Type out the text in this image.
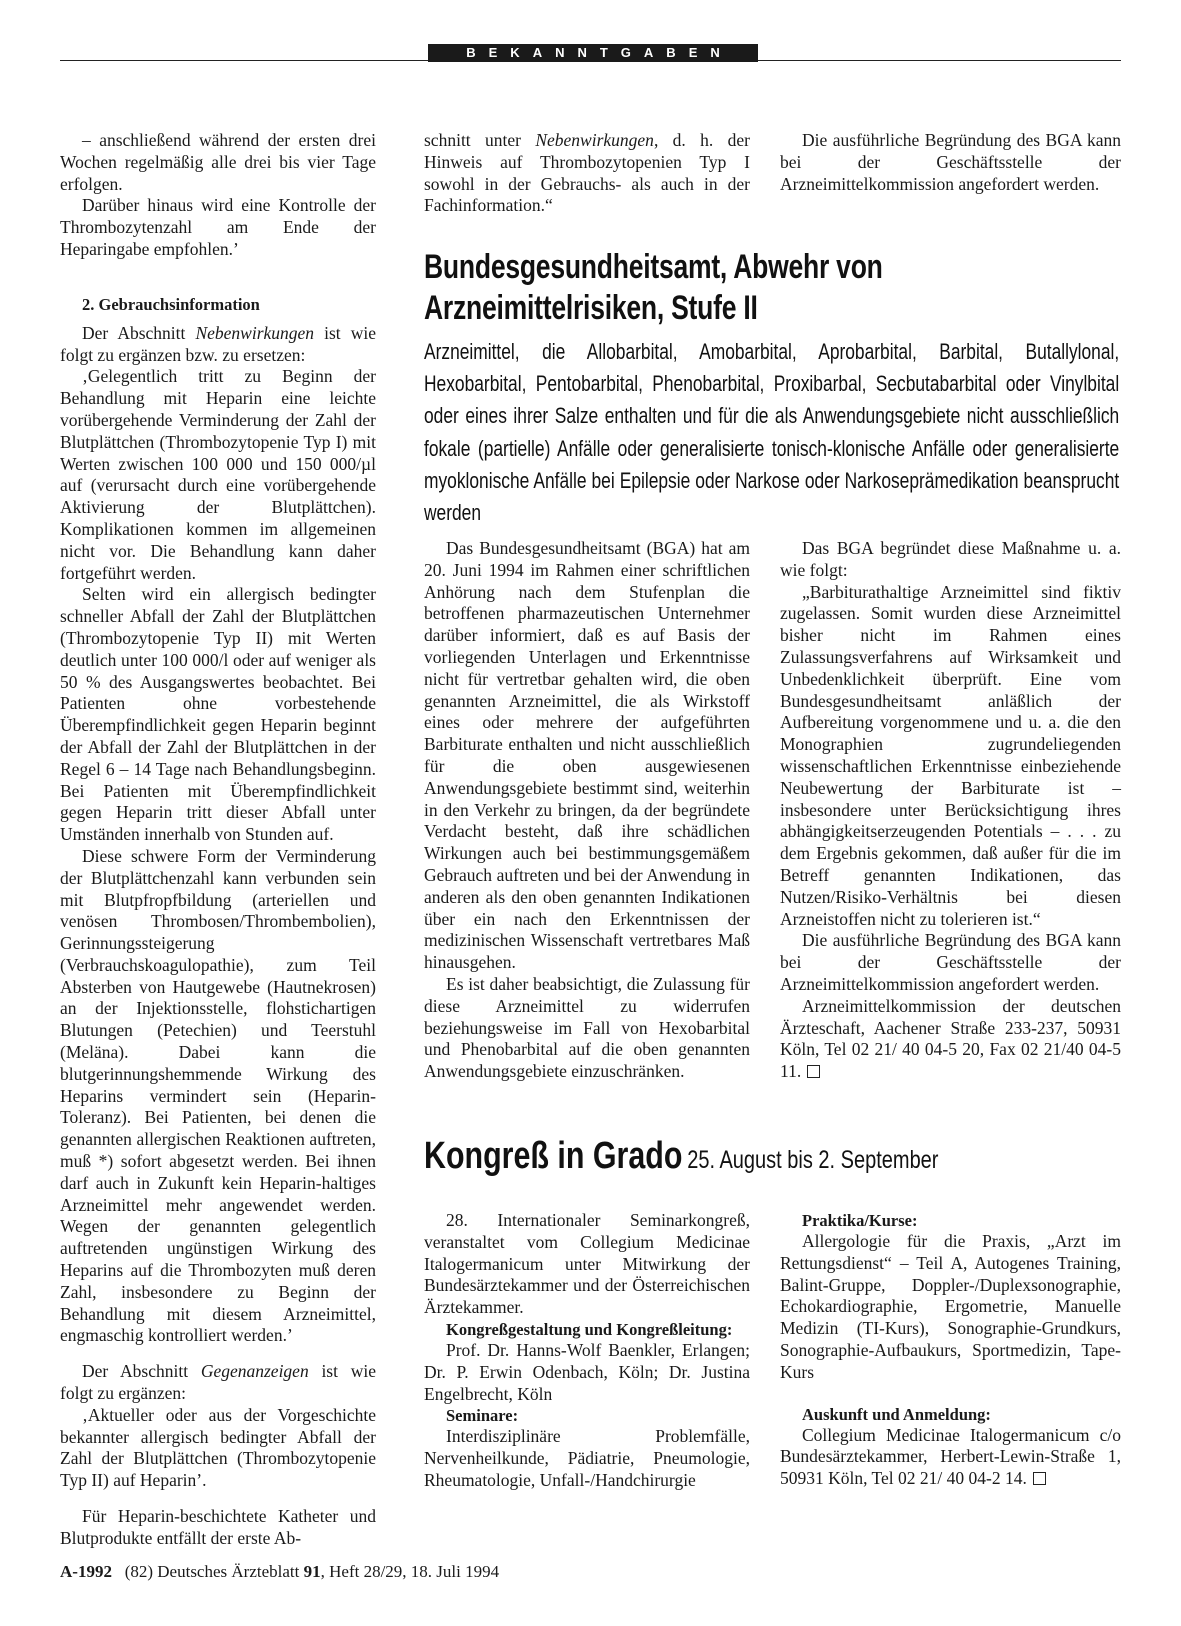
BEKANNTGABEN

– anschließend während der ersten drei Wochen regelmäßig alle drei bis vier Tage erfolgen.

Darüber hinaus wird eine Kontrolle der Thrombozytenzahl am Ende der Heparingabe empfohlen.’

2. Gebrauchsinformation

Der Abschnitt Nebenwirkungen ist wie folgt zu ergänzen bzw. zu ersetzen:

‚Gelegentlich tritt zu Beginn der Behandlung mit Heparin eine leichte vorübergehende Verminderung der Zahl der Blutplättchen (Thrombozytopenie Typ I) mit Werten zwischen 100 000 und 150 000/µl auf (verursacht durch eine vorübergehende Aktivierung der Blutplättchen). Komplikationen kommen im allgemeinen nicht vor. Die Behandlung kann daher fortgeführt werden.

Selten wird ein allergisch bedingter schneller Abfall der Zahl der Blutplättchen (Thrombozytopenie Typ II) mit Werten deutlich unter 100 000/l oder auf weniger als 50 % des Ausgangswertes beobachtet. Bei Patienten ohne vorbestehende Überempfindlichkeit gegen Heparin beginnt der Abfall der Zahl der Blutplättchen in der Regel 6 – 14 Tage nach Behandlungsbeginn. Bei Patienten mit Überempfindlichkeit gegen Heparin tritt dieser Abfall unter Umständen innerhalb von Stunden auf.

Diese schwere Form der Verminderung der Blutplättchenzahl kann verbunden sein mit Blutpfropfbildung (arteriellen und venösen Thrombosen/Thrombembolien), Gerinnungssteigerung (Verbrauchskoagulopathie), zum Teil Absterben von Hautgewebe (Hautnekrosen) an der Injektionsstelle, flohstichartigen Blutungen (Petechien) und Teerstuhl (Meläna). Dabei kann die blutgerinnungshemmende Wirkung des Heparins vermindert sein (Heparin-Toleranz). Bei Patienten, bei denen die genannten allergischen Reaktionen auftreten, muß *) sofort abgesetzt werden. Bei ihnen darf auch in Zukunft kein Heparin-haltiges Arzneimittel mehr angewendet werden. Wegen der genannten gelegentlich auftretenden ungünstigen Wirkung des Heparins auf die Thrombozyten muß deren Zahl, insbesondere zu Beginn der Behandlung mit diesem Arzneimittel, engmaschig kontrolliert werden.’

Der Abschnitt Gegenanzeigen ist wie folgt zu ergänzen:

‚Aktueller oder aus der Vorgeschichte bekannter allergisch bedingter Abfall der Zahl der Blutplättchen (Thrombozytopenie Typ II) auf Heparin’.

Für Heparin-beschichtete Katheter und Blutprodukte entfällt der erste Ab-

schnitt unter Nebenwirkungen, d. h. der Hinweis auf Thrombozytopenien Typ I sowohl in der Gebrauchs- als auch in der Fachinformation.“

Die ausführliche Begründung des BGA kann bei der Geschäftsstelle der Arzneimittelkommission angefordert werden.

Bundesgesundheitsamt, Abwehr von Arzneimittelrisiken, Stufe II
Arzneimittel, die Allobarbital, Amobarbital, Aprobarbital, Barbital, Butallylonal, Hexobarbital, Pentobarbital, Phenobarbital, Proxibarbal, Secbutabarbital oder Vinylbital oder eines ihrer Salze enthalten und für die als Anwendungsgebiete nicht ausschließlich fokale (partielle) Anfälle oder generalisierte tonisch-klonische Anfälle oder generalisierte myoklonische Anfälle bei Epilepsie oder Narkose oder Narkoseprämedikation beansprucht werden

Das Bundesgesundheitsamt (BGA) hat am 20. Juni 1994 im Rahmen einer schriftlichen Anhörung nach dem Stufenplan die betroffenen pharmazeutischen Unternehmer darüber informiert, daß es auf Basis der vorliegenden Unterlagen und Erkenntnisse nicht für vertretbar gehalten wird, die oben genannten Arzneimittel, die als Wirkstoff eines oder mehrere der aufgeführten Barbiturate enthalten und nicht ausschließlich für die oben ausgewiesenen Anwendungsgebiete bestimmt sind, weiterhin in den Verkehr zu bringen, da der begründete Verdacht besteht, daß ihre schädlichen Wirkungen auch bei bestimmungsgemäßem Gebrauch auftreten und bei der Anwendung in anderen als den oben genannten Indikationen über ein nach den Erkenntnissen der medizinischen Wissenschaft vertretbares Maß hinausgehen.

Es ist daher beabsichtigt, die Zulassung für diese Arzneimittel zu widerrufen beziehungsweise im Fall von Hexobarbital und Phenobarbital auf die oben genannten Anwendungsgebiete einzuschränken.

Das BGA begründet diese Maßnahme u. a. wie folgt:

„Barbiturathaltige Arzneimittel sind fiktiv zugelassen. Somit wurden diese Arzneimittel bisher nicht im Rahmen eines Zulassungsverfahrens auf Wirksamkeit und Unbedenklichkeit überprüft. Eine vom Bundesgesundheitsamt anläßlich der Aufbereitung vorgenommene und u. a. die den Monographien zugrundeliegenden wissenschaftlichen Erkenntnisse einbeziehende Neubewertung der Barbiturate ist – insbesondere unter Berücksichtigung ihres abhängigkeitserzeugenden Potentials – . . . zu dem Ergebnis gekommen, daß außer für die im Betreff genannten Indikationen, das Nutzen/Risiko-Verhältnis bei diesen Arzneistoffen nicht zu tolerieren ist.“

Die ausführliche Begründung des BGA kann bei der Geschäftsstelle der Arzneimittelkommission angefordert werden.

Arzneimittelkommission der deutschen Ärzteschaft, Aachener Straße 233-237, 50931 Köln, Tel 02 21/ 40 04-5 20, Fax 02 21/40 04-5 11.

Kongreß in Grado 25. August bis 2. September

28. Internationaler Seminarkongreß, veranstaltet vom Collegium Medicinae Italogermanicum unter Mitwirkung der Bundesärztekammer und der Österreichischen Ärztekammer.

Kongreßgestaltung und Kongreßleitung:

Prof. Dr. Hanns-Wolf Baenkler, Erlangen; Dr. P. Erwin Odenbach, Köln; Dr. Justina Engelbrecht, Köln

Seminare:

Interdisziplinäre Problemfälle, Nervenheilkunde, Pädiatrie, Pneumologie, Rheumatologie, Unfall-/Handchirurgie

Praktika/Kurse:

Allergologie für die Praxis, „Arzt im Rettungsdienst“ – Teil A, Autogenes Training, Balint-Gruppe, Doppler-/Duplexsonographie, Echokardiographie, Ergometrie, Manuelle Medizin (TI-Kurs), Sonographie-Grundkurs, Sonographie-Aufbaukurs, Sportmedizin, Tape-Kurs

Auskunft und Anmeldung:

Collegium Medicinae Italogermanicum c/o Bundesärztekammer, Herbert-Lewin-Straße 1, 50931 Köln, Tel 02 21/ 40 04-2 14.

A-1992 (82) Deutsches Ärzteblatt 91, Heft 28/29, 18. Juli 1994
